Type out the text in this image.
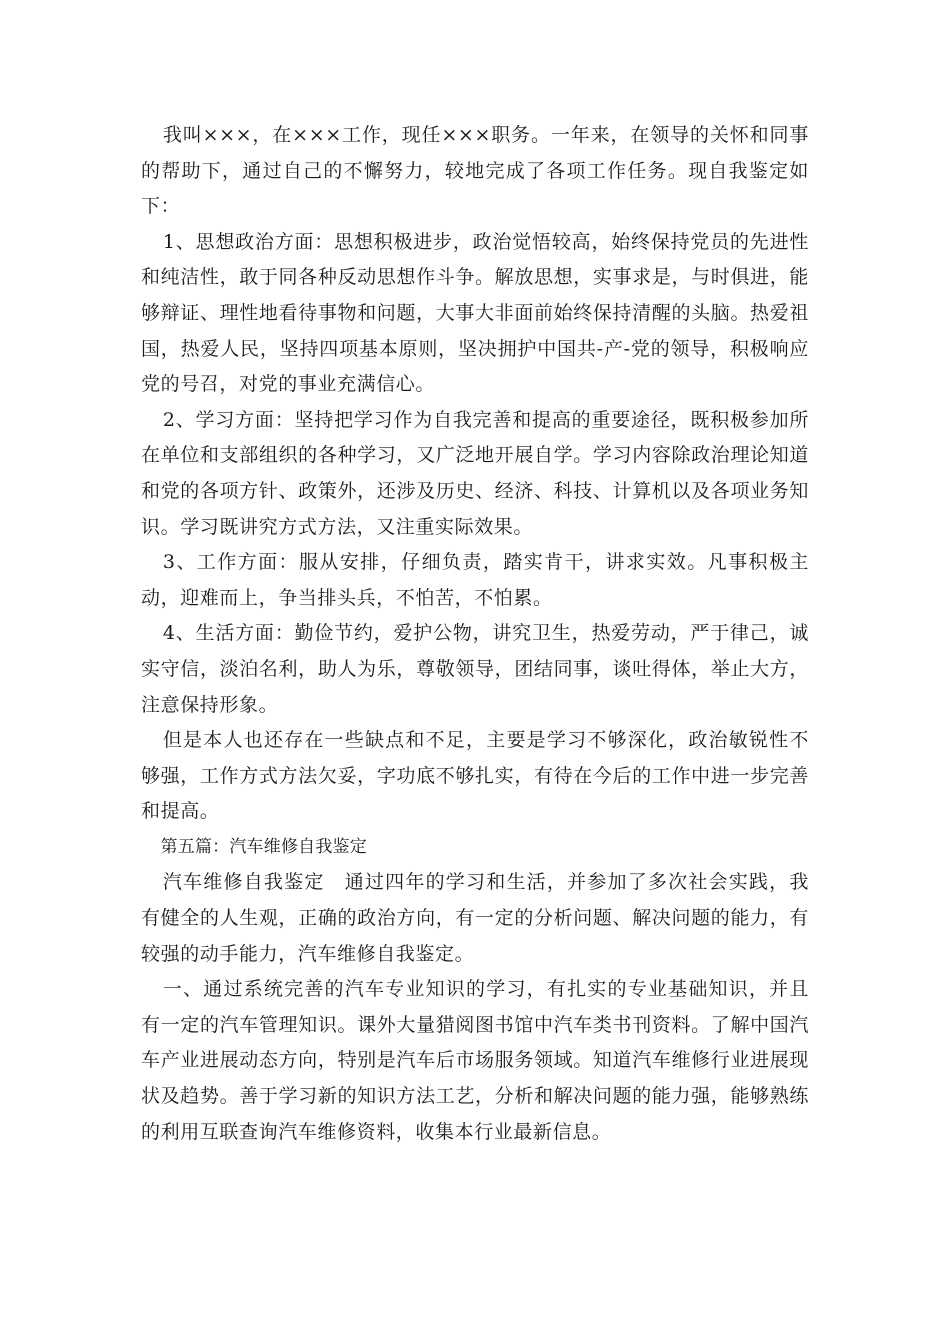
我叫×××，在×××工作，现任×××职务。一年来，在领导的关怀和同事的帮助下，通过自己的不懈努力，较地完成了各项工作任务。现自我鉴定如下：

1、思想政治方面：思想积极进步，政治觉悟较高，始终保持党员的先进性和纯洁性，敢于同各种反动思想作斗争。解放思想，实事求是，与时俱进，能够辩证、理性地看待事物和问题，大事大非面前始终保持清醒的头脑。热爱祖国，热爱人民，坚持四项基本原则，坚决拥护中国共-产-党的领导，积极响应党的号召，对党的事业充满信心。

2、学习方面：坚持把学习作为自我完善和提高的重要途径，既积极参加所在单位和支部组织的各种学习，又广泛地开展自学。学习内容除政治理论知道和党的各项方针、政策外，还涉及历史、经济、科技、计算机以及各项业务知识。学习既讲究方式方法，又注重实际效果。

3、工作方面：服从安排，仔细负责，踏实肯干，讲求实效。凡事积极主动，迎难而上，争当排头兵，不怕苦，不怕累。

4、生活方面：勤俭节约，爱护公物，讲究卫生，热爱劳动，严于律己，诚实守信，淡泊名利，助人为乐，尊敬领导，团结同事，谈吐得体，举止大方，注意保持形象。

但是本人也还存在一些缺点和不足，主要是学习不够深化，政治敏锐性不够强，工作方式方法欠妥，字功底不够扎实，有待在今后的工作中进一步完善和提高。

第五篇：汽车维修自我鉴定

汽车维修自我鉴定　通过四年的学习和生活，并参加了多次社会实践，我有健全的人生观，正确的政治方向，有一定的分析问题、解决问题的能力，有较强的动手能力，汽车维修自我鉴定。

一、通过系统完善的汽车专业知识的学习，有扎实的专业基础知识，并且有一定的汽车管理知识。课外大量猎阅图书馆中汽车类书刊资料。了解中国汽车产业进展动态方向，特别是汽车后市场服务领域。知道汽车维修行业进展现状及趋势。善于学习新的知识方法工艺，分析和解决问题的能力强，能够熟练的利用互联查询汽车维修资料，收集本行业最新信息。
